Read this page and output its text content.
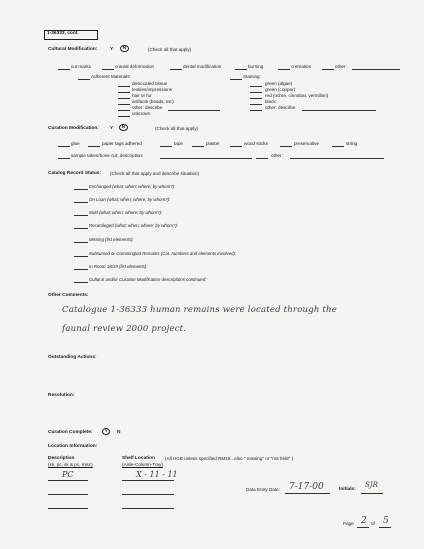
1-36333, cont.
Cultural Modification:	Y	N	(Check all that apply)
cut marks	cranial deformation	dental modification	burning	cremation	other:
Adherent Materials:
desiccated tissue
textiles/impressions
hair or fur
artifacts (beads, etc)
other: describe
unknown
Staining:
green (algae)
green (copper)
red (ochre, cinnabar, vermilion)
black
other: describe
Curation Modification: Y	N	(Check all that apply)
glue	paper tags adhered	tape	plaster	wood sticks	preservative	string
sample taken/bone cut; description:	other:
Catalog Record Status: (Check all that apply and describe situation)
Exchanged (what; when; where; by whom?):
On Loan (what; when; where; by whom?):
Sold (what; when; where; by whom?):
Recataloged (what; when; where; by whom?):
Missing (list elements):
Subsumed or Commingled Remains (Cat. numbers and elements involved):
In Room 18/19 (list elements):
Cultural and/or Curation Modification descriptions continued:
Other Comments:
Catalogue 1-36333 human remains were located through the
faunal review 2000 project.
Outstanding Actions:
Resolution:
Curation Complete:	Y	N
Location Information:
Description
(sk, pc, sk & pc, misc)
Shelf Location (All HGB unless specified RM19...also " missing" or "not held" )
(Aisle-Column-Tray)
PC	X - 11 - 11
Data Entry Date: 7-17-00	Initials:
SJR
Page 2 of 5
